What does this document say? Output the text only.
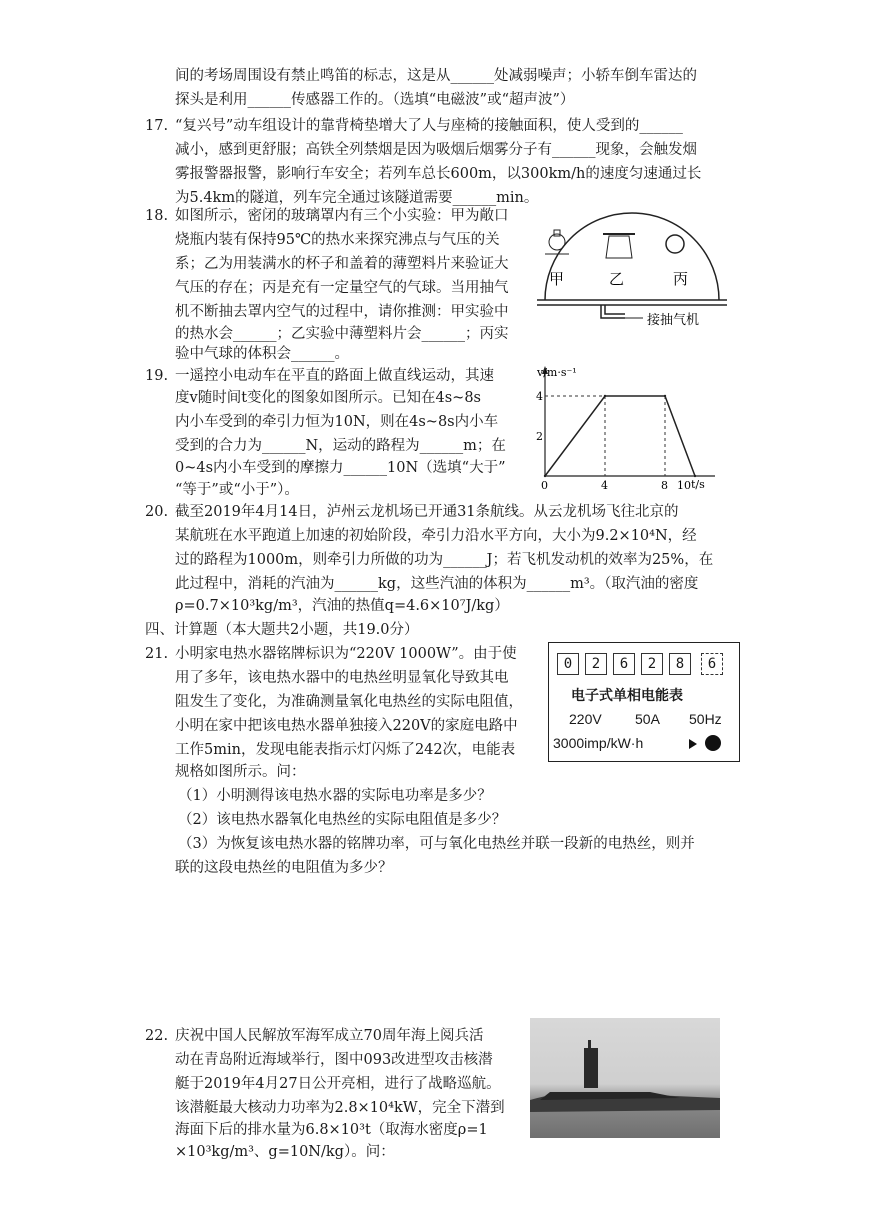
17.
18.
19.
20.
21.
22.
间的考场周围设有禁止鸣笛的标志，这是从______处减弱噪声；小轿车倒车雷达的
探头是利用______传感器工作的。（选填“电磁波”或“超声波”）
“复兴号”动车组设计的靠背椅垫增大了人与座椅的接触面积，使人受到的______
减小，感到更舒服；高铁全列禁烟是因为吸烟后烟雾分子有______现象，会触发烟
雾报警器报警，影响行车安全；若列车总长600m，以300km/h的速度匀速通过长
为5.4km的隧道，列车完全通过该隧道需要______min。
如图所示，密闭的玻璃罩内有三个小实验：甲为敞口
烧瓶内装有保持95℃的热水来探究沸点与气压的关
系；乙为用装满水的杯子和盖着的薄塑料片来验证大
气压的存在；丙是充有一定量空气的气球。当用抽气
机不断抽去罩内空气的过程中，请你推测：甲实验中
的热水会______；乙实验中薄塑料片会______；丙实
验中气球的体积会______。
一遥控小电动车在平直的路面上做直线运动，其速
度v随时间t变化的图象如图所示。已知在4s~8s
内小车受到的牵引力恒为10N，则在4s~8s内小车
受到的合力为______N，运动的路程为______m；在
0~4s内小车受到的摩擦力______10N（选填“大于”
“等于”或“小于”）。
截至2019年4月14日，泸州云龙机场已开通31条航线。从云龙机场飞往北京的
某航班在水平跑道上加速的初始阶段，牵引力沿水平方向，大小为9.2×10⁴N，经
过的路程为1000m，则牵引力所做的功为______J；若飞机发动机的效率为25%，在
此过程中，消耗的汽油为______kg，这些汽油的体积为______m³。（取汽油的密度
ρ=0.7×10³kg/m³，汽油的热值q=4.6×10⁷J/kg）
四、计算题（本大题共2小题，共19.0分）
小明家电热水器铭牌标识为“220V 1000W”。由于使
用了多年，该电热水器中的电热丝明显氧化导致其电
阻发生了变化，为准确测量氧化电热丝的实际电阻值，
小明在家中把该电热水器单独接入220V的家庭电路中
工作5min，发现电能表指示灯闪烁了242次，电能表
规格如图所示。问：
（1）小明测得该电热水器的实际电功率是多少？
（2）该电热水器氧化电热丝的实际电阻值是多少？
（3）为恢复该电热水器的铭牌功率，可与氧化电热丝并联一段新的电热丝，则并
联的这段电热丝的电阻值为多少？
庆祝中国人民解放军海军成立70周年海上阅兵活
动在青岛附近海域举行，图中093改进型攻击核潜
艇于2019年4月27日公开亮相，进行了战略巡航。
该潜艇最大核动力功率为2.8×10⁴kW，完全下潜到
海面下后的排水量为6.8×10³t（取海水密度ρ=1
×10³kg/m³、g=10N/kg）。问：
甲	乙	丙
接抽气机
v/m·s⁻¹
t/s
4
2
0	4	8 10
0	2	6	2	8	6
电子式单相电能表
220V 50A 50Hz
3000imp/kW·h
